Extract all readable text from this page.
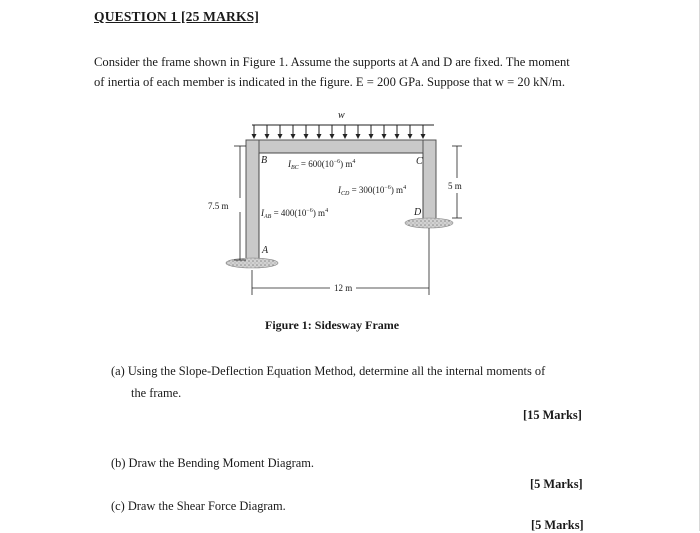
QUESTION 1 [25 MARKS]

Consider the frame shown in Figure 1. Assume the supports at A and D are fixed. The moment

of inertia of each member is indicated in the figure. E = 200 GPa. Suppose that w = 20 kN/m.

w
B	C
D
A
$I_{BC} = 600(10^{-6})$ $m^4$
$I_{CD} = 300(10^{-6})$ $m^4$
$I_{AB} = 400(10^{-6})$ $m^4$
7.5 m
5 m
12 m
Figure 1: Sidesway Frame
(a) Using the Slope-Deflection Equation Method, determine all the internal moments of
the frame.
[15 Marks]
(b) Draw the Bending Moment Diagram.
[5 Marks]
(c) Draw the Shear Force Diagram.
[5 Marks]
